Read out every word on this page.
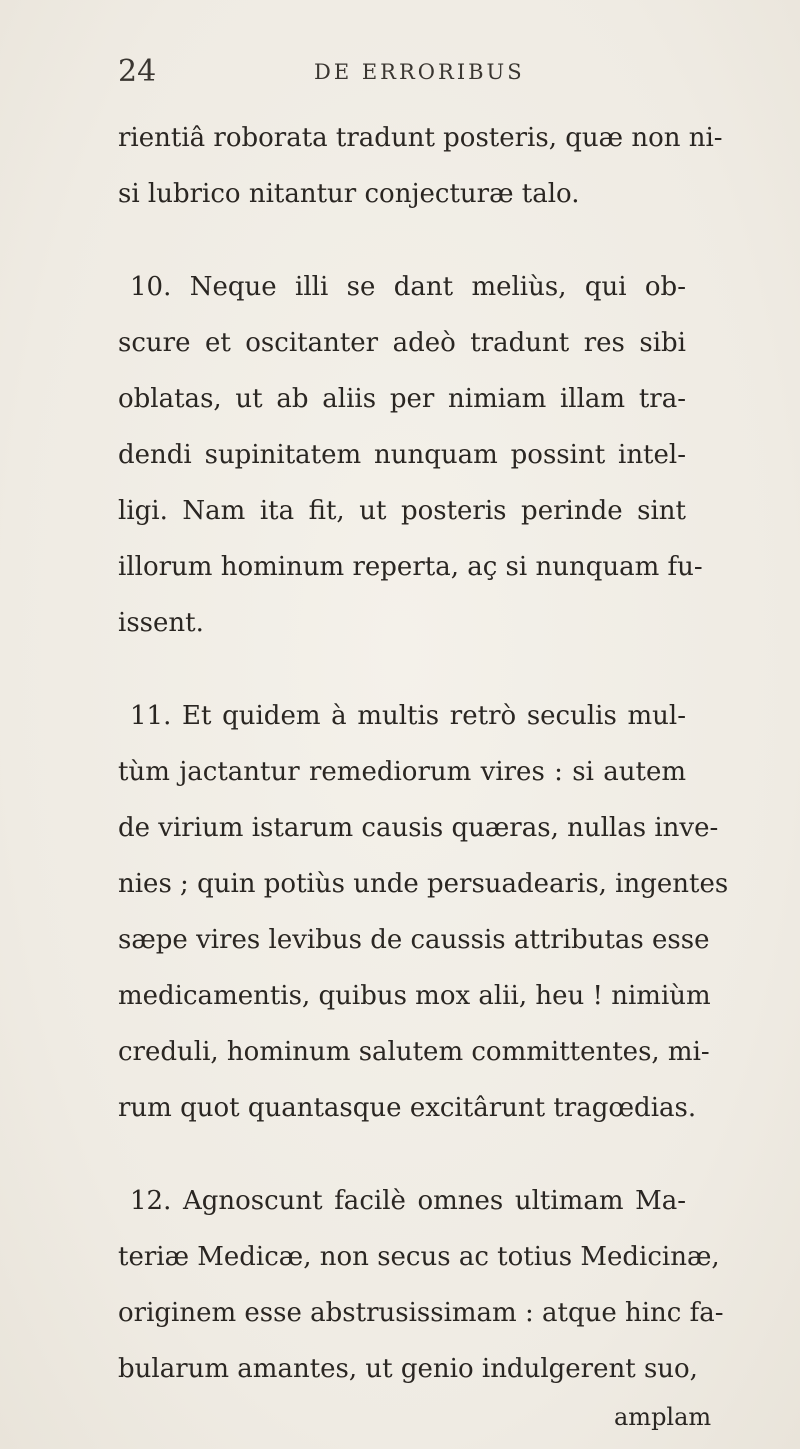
24	DE ERRORIBUS
rientiâ roborata tradunt posteris, quæ non ni-
si lubrico nitantur conjecturæ talo.
10. Neque illi se dant meliùs, qui ob-
scure et oscitanter adeò tradunt res sibi
oblatas, ut ab aliis per nimiam illam tra-
dendi supinitatem nunquam possint intel-
ligi. Nam ita fit, ut posteris perinde sint
illorum hominum reperta, aç si nunquam fu-
issent.
11. Et quidem à multis retrò seculis mul-
tùm jactantur remediorum vires : si autem
de virium istarum causis quæras, nullas inve-
nies ; quin potiùs unde persuadearis, ingentes
sæpe vires levibus de caussis attributas esse
medicamentis, quibus mox alii, heu ! nimiùm
creduli, hominum salutem committentes, mi-
rum quot quantasque excitârunt tragœdias.
12. Agnoscunt facilè omnes ultimam Ma-
teriæ Medicæ, non secus ac totius Medicinæ,
originem esse abstrusissimam : atque hinc fa-
bularum amantes, ut genio indulgerent suo,
amplam
